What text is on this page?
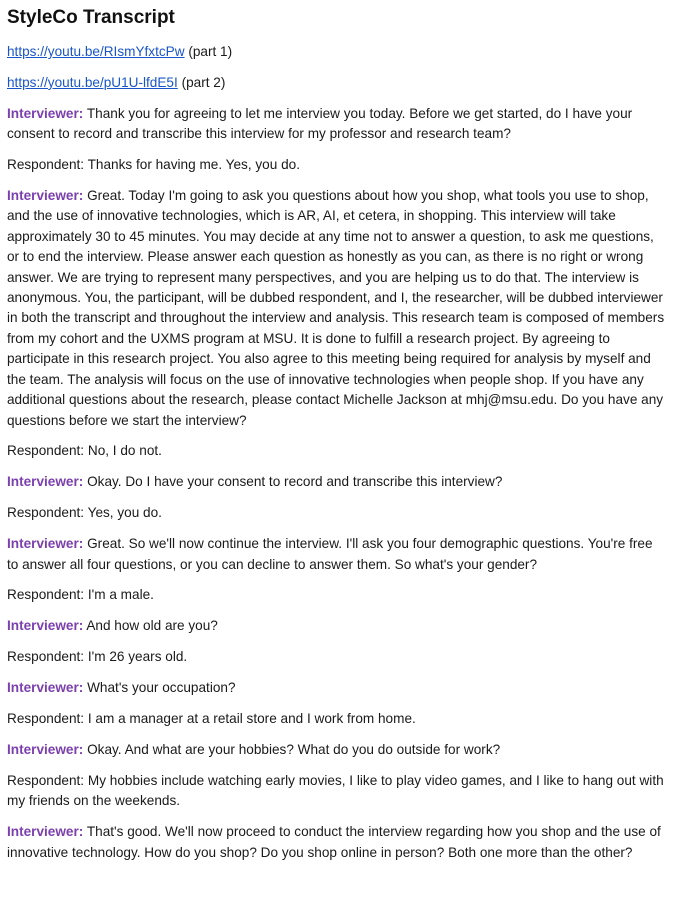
StyleCo Transcript

https://youtu.be/RIsmYfxtcPw (part 1)

https://youtu.be/pU1U-lfdE5I (part 2)

Interviewer: Thank you for agreeing to let me interview you today. Before we get started, do I have your consent to record and transcribe this interview for my professor and research team?

Respondent: Thanks for having me. Yes, you do.

Interviewer: Great. Today I'm going to ask you questions about how you shop, what tools you use to shop, and the use of innovative technologies, which is AR, AI, et cetera, in shopping. This interview will take approximately 30 to 45 minutes. You may decide at any time not to answer a question, to ask me questions, or to end the interview. Please answer each question as honestly as you can, as there is no right or wrong answer. We are trying to represent many perspectives, and you are helping us to do that. The interview is anonymous. You, the participant, will be dubbed respondent, and I, the researcher, will be dubbed interviewer in both the transcript and throughout the interview and analysis. This research team is composed of members from my cohort and the UXMS program at MSU. It is done to fulfill a research project. By agreeing to participate in this research project. You also agree to this meeting being required for analysis by myself and the team. The analysis will focus on the use of innovative technologies when people shop. If you have any additional questions about the research, please contact Michelle Jackson at mhj@msu.edu. Do you have any questions before we start the interview?

Respondent: No, I do not.

Interviewer: Okay. Do I have your consent to record and transcribe this interview?

Respondent: Yes, you do.

Interviewer: Great. So we'll now continue the interview. I'll ask you four demographic questions. You're free to answer all four questions, or you can decline to answer them. So what's your gender?

Respondent: I'm a male.

Interviewer: And how old are you?

Respondent: I'm 26 years old.

Interviewer: What's your occupation?

Respondent: I am a manager at a retail store and I work from home.

Interviewer: Okay. And what are your hobbies? What do you do outside for work?

Respondent: My hobbies include watching early movies, I like to play video games, and I like to hang out with my friends on the weekends.

Interviewer: That's good. We'll now proceed to conduct the interview regarding how you shop and the use of innovative technology. How do you shop? Do you shop online in person? Both one more than the other?
